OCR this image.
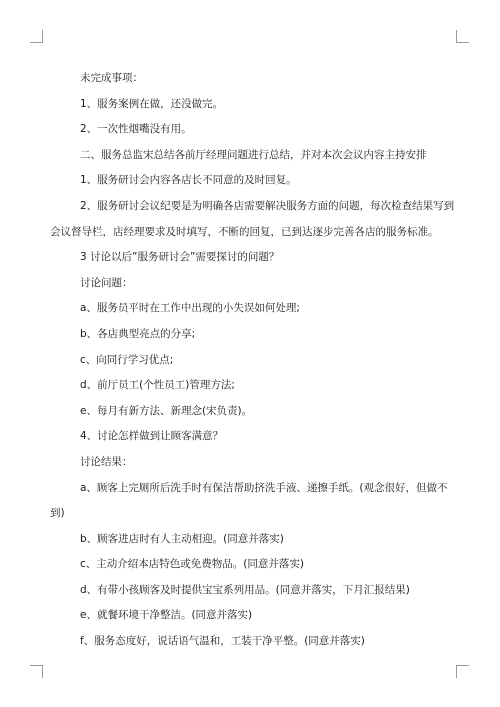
未完成事项：

1、服务案例在做，还没做完。

2、一次性烟嘴没有用。

二、服务总监宋总结各前厅经理问题进行总结，并对本次会议内容主持安排

1、服务研讨会内容各店长不同意的及时回复。

2、服务研讨会议纪要是为明确各店需要解决服务方面的问题，每次检查结果写到会议督导栏，店经理要求及时填写，不断的回复，已到达逐步完善各店的服务标准。

3 讨论以后”服务研讨会”需要探讨的问题？

讨论问题：

a、服务员平时在工作中出现的小失误如何处理;

b、各店典型亮点的分享;

c、向同行学习优点;

d、前厅员工(个性员工)管理方法;

e、每月有新方法、新理念(宋负责)。

4、讨论怎样做到让顾客满意？

讨论结果：

a、顾客上完厕所后洗手时有保洁帮助挤洗手液、递擦手纸。(观念很好，但做不到)

b、顾客进店时有人主动相迎。(同意并落实)

c、主动介绍本店特色或免费物品。(同意并落实)

d、有带小孩顾客及时提供宝宝系列用品。(同意并落实，下月汇报结果)

e、就餐环境干净整洁。(同意并落实)

f、服务态度好，说话语气温和，工装干净平整。(同意并落实)
